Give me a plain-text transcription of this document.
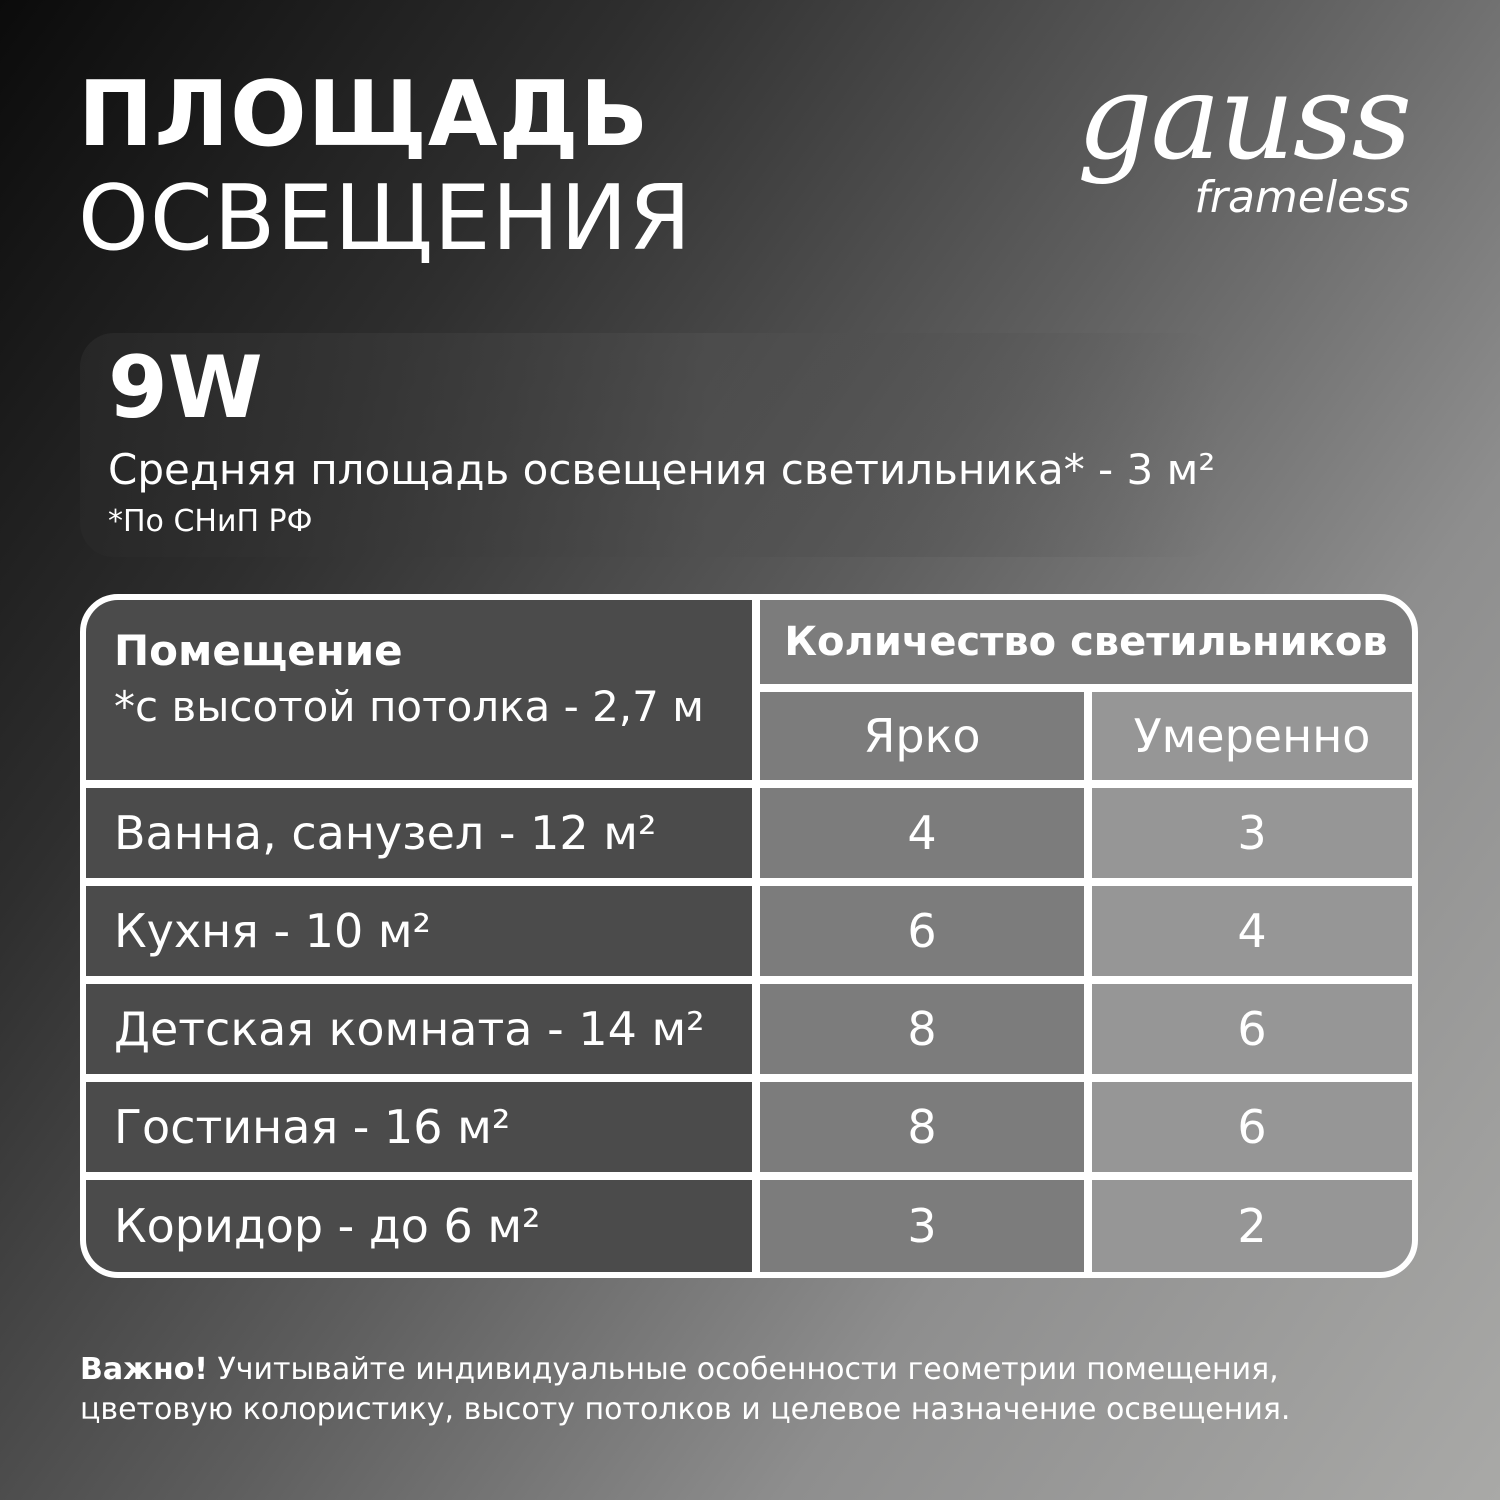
ПЛОЩАДЬ
ОСВЕЩЕНИЯ
gauss
frameless
9W
Средняя площадь освещения светильника* - 3 м²
*По СНиП РФ
Помещение
*с высотой потолка - 2,7 м
Количество светильников
Ярко	Умеренно
Ванна, санузел - 12 м²	4	3
Кухня - 10 м²	6	4
Детская комната - 14 м²	8	6
Гостиная - 16 м²	8	6
Коридор - до 6 м²	3	2
Важно! Учитывайте индивидуальные особенности геометрии помещения, цветовую колористику, высоту потолков и целевое назначение освещения.
